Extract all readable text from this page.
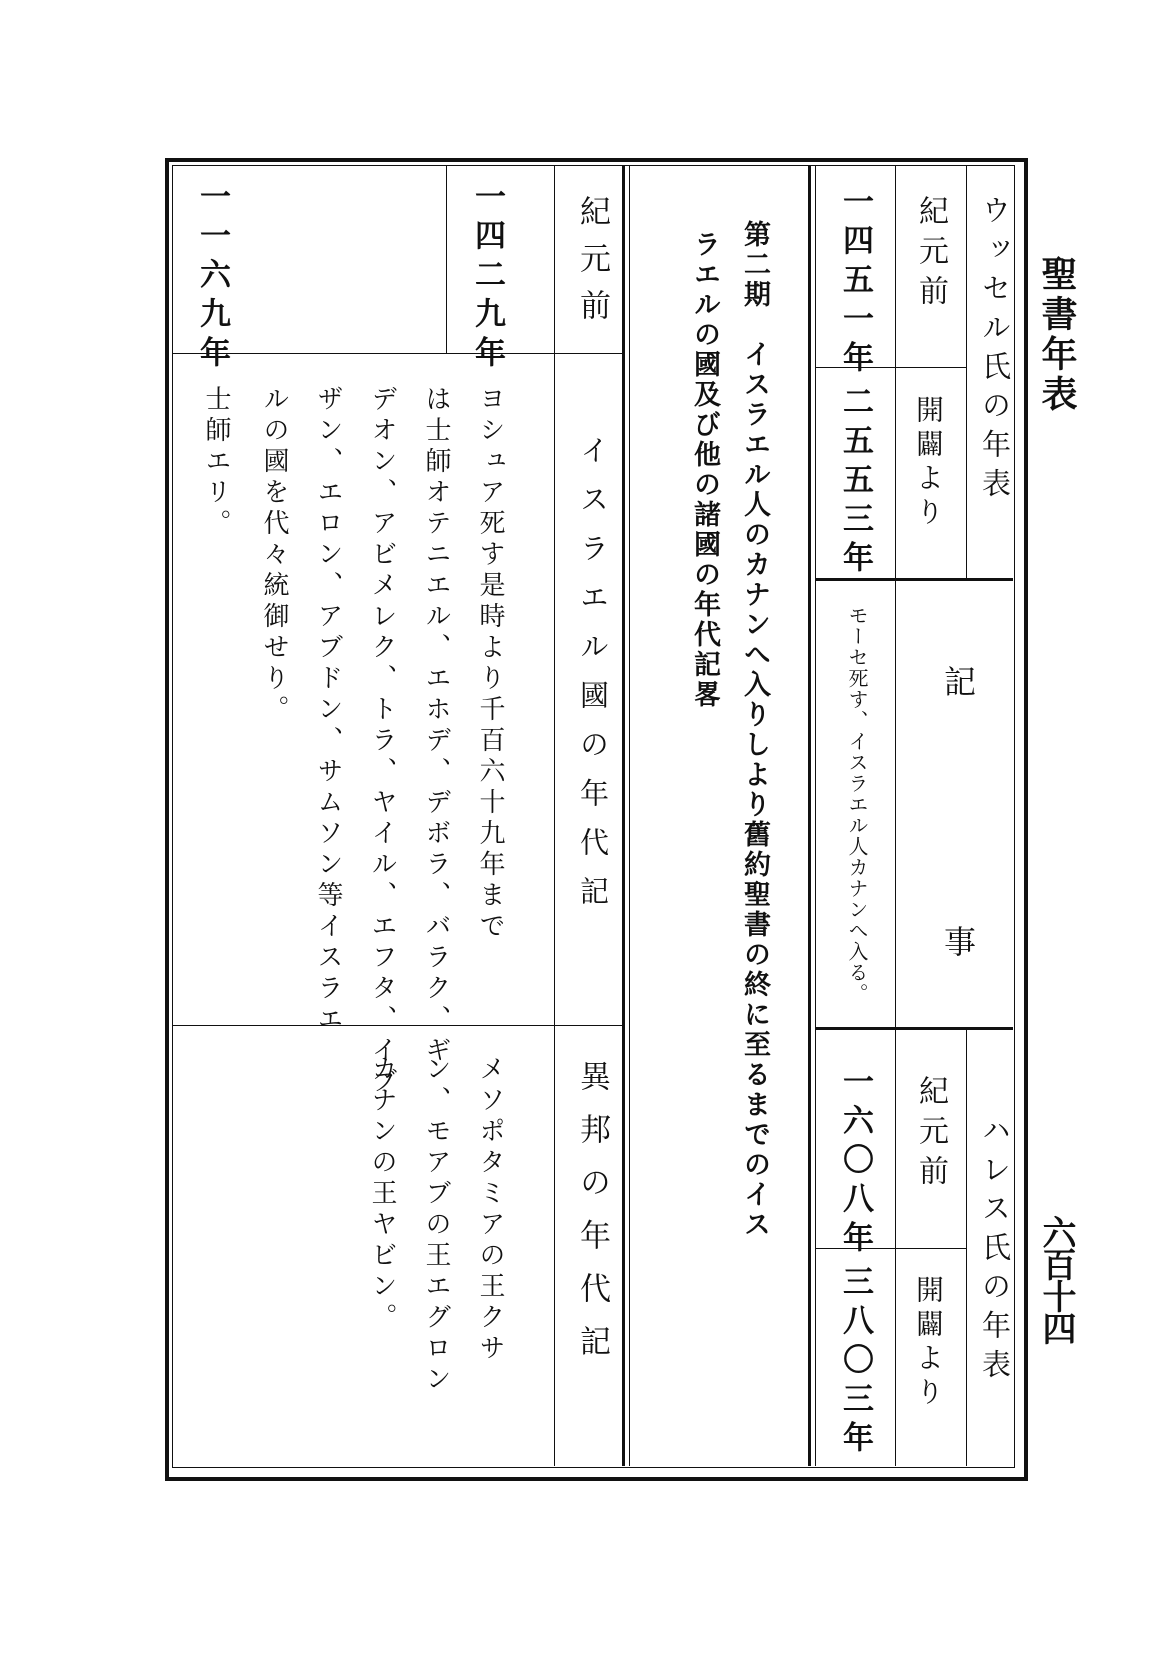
聖書年表
六百十四
ウッセル氏の年表
紀元前
一四五一年
開闢より
二五五三年
記
事
モーセ死す、イスラエル人カナンへ入る。
ハレス氏の年表
紀元前
一六〇八年
開闢より
三八〇三年
第二期　イスラエル人のカナンへ入りしより舊約聖書の終に至るまでのイス
ラエルの國及び他の諸國の年代記畧
紀元前
イスラエル國の年代記
異邦の年代記
一四二九年
一一六九年
ヨシュア死す是時より千百六十九年まで
は士師オテニエル、エホデ、デボラ、バラク、ギ
デオン、アビメレク、トラ、ヤイル、エフタ、イブ
ザン、エロン、アブドン、サムソン等イスラエ
ルの國を代々統御せり。
士師エリ。
メソポタミアの王クサ
ン、モアブの王エグロン
カナンの王ヤビン。
